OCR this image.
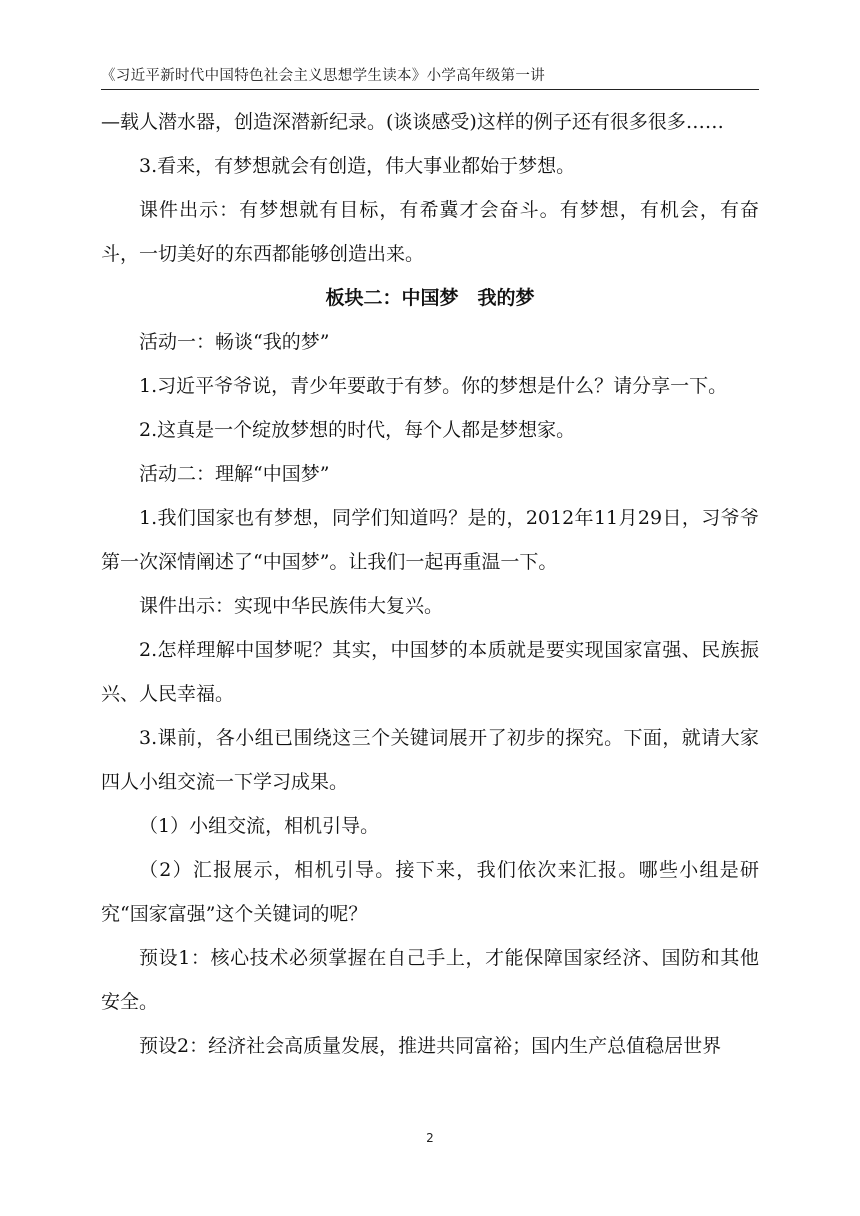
《习近平新时代中国特色社会主义思想学生读本》小学高年级第一讲

—载人潜水器，创造深潜新纪录。(谈谈感受)这样的例子还有很多很多……

3.看来，有梦想就会有创造，伟大事业都始于梦想。

课件出示：有梦想就有目标，有希冀才会奋斗。有梦想，有机会，有奋斗，一切美好的东西都能够创造出来。

板块二：中国梦　我的梦

活动一：畅谈“我的梦”

1.习近平爷爷说，青少年要敢于有梦。你的梦想是什么？请分享一下。

2.这真是一个绽放梦想的时代，每个人都是梦想家。

活动二：理解“中国梦”

1.我们国家也有梦想，同学们知道吗？是的，2012年11月29日，习爷爷第一次深情阐述了“中国梦”。让我们一起再重温一下。

课件出示：实现中华民族伟大复兴。

2.怎样理解中国梦呢？其实，中国梦的本质就是要实现国家富强、民族振兴、人民幸福。

3.课前，各小组已围绕这三个关键词展开了初步的探究。下面，就请大家四人小组交流一下学习成果。

（1）小组交流，相机引导。

（2）汇报展示，相机引导。接下来，我们依次来汇报。哪些小组是研究“国家富强”这个关键词的呢？

预设1：核心技术必须掌握在自己手上，才能保障国家经济、国防和其他安全。

预设2：经济社会高质量发展，推进共同富裕；国内生产总值稳居世界

2
